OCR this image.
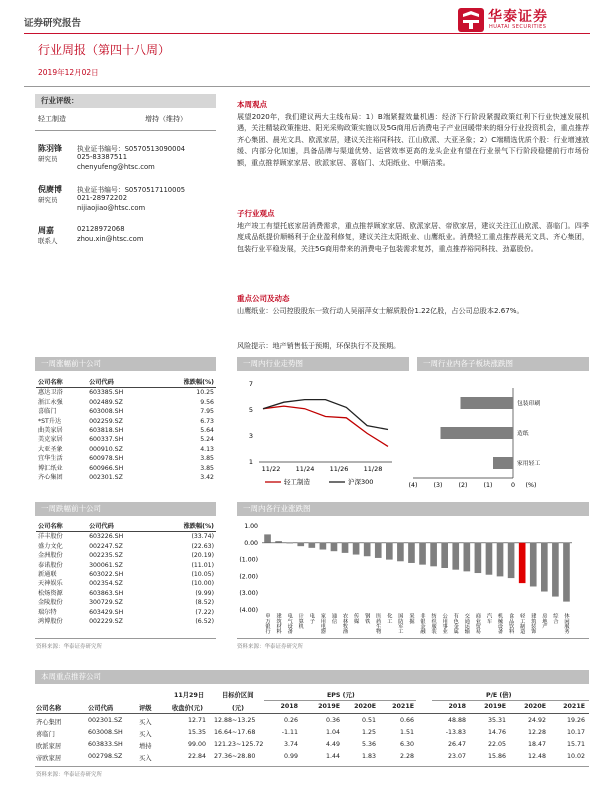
证券研究报告	华泰证券
HUATAI SECURITIES
行业周报（第四十八周）
2019年12月02日
行业评级：
轻工制造	增持（维持）
陈羽锋
研究员
执业证书编号：S0570513090004
025-83387511
chenyufeng@htsc.com
倪赓博
研究员
执业证书编号：S0570517110005
021-28972202
nijiaojiao@htsc.com
周嘉
联系人
02128972068
zhou.xin@htsc.com
本周观点
展望2020年，我们建议两大主线布局：1）B端紧握效量机遇：经济下行阶段紧握政策红利下行业快速发展机遇，关注精装政策推进、阳光采购政策实施以及5G商用后消费电子产业回暖带来的细分行业投资机会，重点推荐齐心集团、晨光文具、欧派家居，建议关注裕同科技、江山欧派、大亚圣象；2）C端精选优质个股：行业增速放缓、内部分化加速，具备品牌与渠道优势、运营效率更高的龙头企业有望在行业景气下行阶段稳健前行市场份额，重点推荐顾家家居、欧派家居、喜临门、太阳纸业、中顺洁柔。
子行业观点
地产竣工有望托底家居消费需求，重点推荐顾家家居、欧派家居、帝欧家居，建议关注江山欧派、喜临门。四季度成品纸提价顺畅利于企业盈利修复，建议关注太阳纸业、山鹰纸业。消费轻工重点推荐晨光文具、齐心集团，包装行业平稳发展，关注5G商用带来的消费电子包装需求复苏，重点推荐裕同科技、劲嘉股份。
重点公司及动态
山鹰纸业：公司控股股东一致行动人吴丽萍女士解质股份1.22亿股，占公司总股本2.67%。
风险提示：地产销售低于预期，环保执行不及预期。
一周涨幅前十公司
公司名称	公司代码	涨跌幅(%)
惠达卫浴	603385.SH	10.25
浙江永强	002489.SZ	9.56
喜临门	603008.SH	7.95
*ST升达	002259.SZ	6.73
曲美家居	603818.SH	5.64
美克家居	600337.SH	5.24
大亚圣象	000910.SZ	4.13
宜华生活	600978.SH	3.85
博汇纸业	600966.SH	3.85
齐心集团	002301.SZ	3.42
一周跌幅前十公司
公司名称	公司代码	涨跌幅(%)
洋丰股份	603226.SH	(33.74)
盛力文化	002247.SZ	(22.63)
金洲股份	002235.SZ	(20.19)
泰诺股份	300061.SZ	(11.01)
新通联	603022.SH	(10.05)
天神娱乐	002354.SZ	(10.00)
松炀资源	603863.SH	(9.99)
金陵股份	300729.SZ	(8.52)
瑞尔特	603429.SH	(7.22)
鸿博股份	002229.SZ	(6.52)
资料来源：华泰证券研究所
一周内行业走势图	一周行业内各子板块涨跌图
7
5
3
1
11/22 11/24 11/26 11/28
轻工制造	沪深300	(4)	(3)	(2)	(1)	0 (%)
包装印刷
造纸
家用轻工
一周内各行业涨跌图
1.00
0.00
(1.00)
(2.00)
(3.00)
(4.00)
申万银行 建筑材料 电气设备 计算机 电子 家用电器 通信 农林牧渔 传媒 钢铁 医药生物 化工 国防军工 采掘 非银金融 纺织服装 公用事业 有色金属 交通运输 商业贸易 汽车 机械设备 食品饮料 轻工制造 建筑装饰 房地产 综合 休闲服务
资料来源：华泰证券研究所
本周重点推荐公司
11月29日	目标价区间	EPS (元)	P/E (倍)
公司名称	公司代码	评级	收盘价(元)	(元)	2018	2019E 2020E	2021E	2018	2019E	2020E	2021E
齐心集团	002301.SZ	买入	12.71 12.88~13.25	0.26	0.36	0.51	0.66	48.88	35.31	24.92	19.26
喜临门	603008.SH	买入	15.35 16.64~17.68	-1.11	1.04	1.25	1.51	-13.83	14.76	12.28	10.17
欧派家居	603833.SH	增持	99.00 121.23~125.72	3.74	4.49	5.36	6.30	26.47	22.05	18.47	15.71
帝欧家居	002798.SZ	买入	22.84 27.36~28.80	0.99	1.44	1.83	2.28	23.07	15.86	12.48	10.02
资料来源：华泰证券研究所
